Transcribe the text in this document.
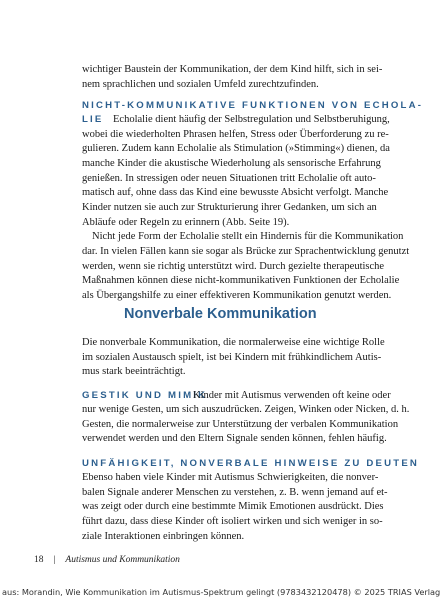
wichtiger Baustein der Kommunikation, der dem Kind hilft, sich in sei-
nem sprachlichen und sozialen Umfeld zurechtzufinden.
NICHT-KOMMUNIKATIVE FUNKTIONEN VON ECHOLA-
LIE Echolalie dient häufig der Selbstregulation und Selbstberuhigung,
wobei die wiederholten Phrasen helfen, Stress oder Überforderung zu re-
gulieren. Zudem kann Echolalie als Stimulation (»Stimming«) dienen, da
manche Kinder die akustische Wiederholung als sensorische Erfahrung
genießen. In stressigen oder neuen Situationen tritt Echolalie oft auto-
matisch auf, ohne dass das Kind eine bewusste Absicht verfolgt. Manche
Kinder nutzen sie auch zur Strukturierung ihrer Gedanken, um sich an
Abläufe oder Regeln zu erinnern (Abb. Seite 19).
Nicht jede Form der Echolalie stellt ein Hindernis für die Kommunikation
dar. In vielen Fällen kann sie sogar als Brücke zur Sprachentwicklung genutzt
werden, wenn sie richtig unterstützt wird. Durch gezielte therapeutische
Maßnahmen können diese nicht-kommunikativen Funktionen der Echolalie
als Übergangshilfe zu einer effektiveren Kommunikation genutzt werden.
Nonverbale Kommunikation
Die nonverbale Kommunikation, die normalerweise eine wichtige Rolle
im sozialen Austausch spielt, ist bei Kindern mit frühkindlichem Autis-
mus stark beeinträchtigt.
GESTIK UND MIMIK
Kinder mit Autismus verwenden oft keine oder
nur wenige Gesten, um sich auszudrücken. Zeigen, Winken oder Nicken, d. h.
Gesten, die normalerweise zur Unterstützung der verbalen Kommunikation
verwendet werden und den Eltern Signale senden können, fehlen häufig.
UNFÄHIGKEIT, NONVERBALE HINWEISE ZU DEUTEN
Ebenso haben viele Kinder mit Autismus Schwierigkeiten, die nonver-
balen Signale anderer Menschen zu verstehen, z. B. wenn jemand auf et-
was zeigt oder durch eine bestimmte Mimik Emotionen ausdrückt. Dies
führt dazu, dass diese Kinder oft isoliert wirken und sich weniger in so-
ziale Interaktionen einbringen können.
18 | Autismus und Kommunikation
aus: Morandin, Wie Kommunikation im Autismus-Spektrum gelingt (9783432120478) © 2025 TRIAS Verlag
